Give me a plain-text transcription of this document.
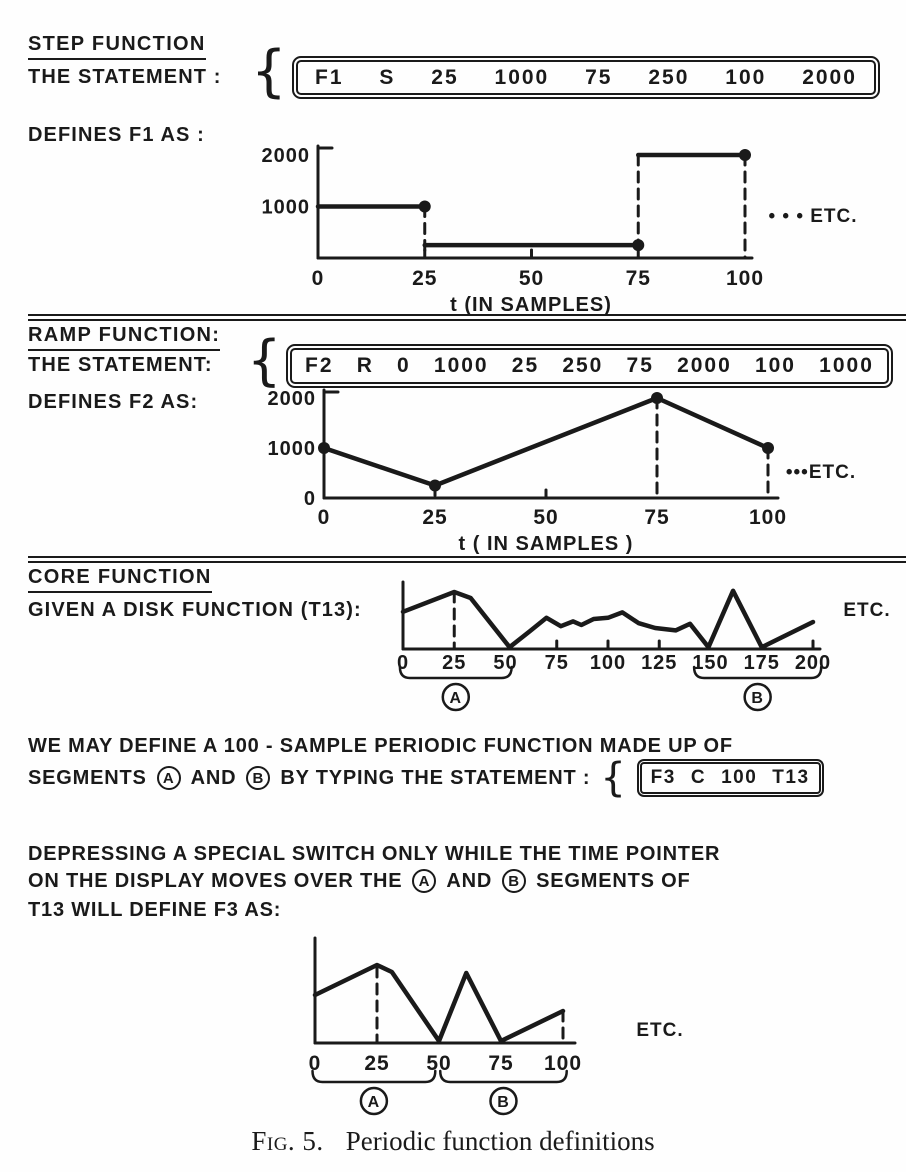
STEP FUNCTION
THE STATEMENT : { F1 S 25 1000 75 250 100 2000
DEFINES F1 AS :
0	25	50	75	100
2000
1000
t (IN SAMPLES)
• • • ETC.
RAMP FUNCTION:
THE STATEMENT: { F2 R 0 1000 25 250 75 2000 100 1000
DEFINES F2 AS:
0	25	50	75	100
2000
1000
0
t ( IN SAMPLES )
•••ETC.
CORE FUNCTION
GIVEN A DISK FUNCTION (T13):
0 25 50 75 100 125 150 175 200
ETC.
A	B
WE MAY DEFINE A 100 - SAMPLE PERIODIC FUNCTION MADE UP OF
SEGMENTS	A AND	B BY TYPING THE STATEMENT : { F3 C 100 T13
DEPRESSING A SPECIAL SWITCH ONLY WHILE THE TIME POINTER
ON THE DISPLAY MOVES OVER THE	A AND	B SEGMENTS OF
T13 WILL DEFINE F3 AS:
0 25 50 75 100
ETC.
A	B
Fig. 5. Periodic function definitions
